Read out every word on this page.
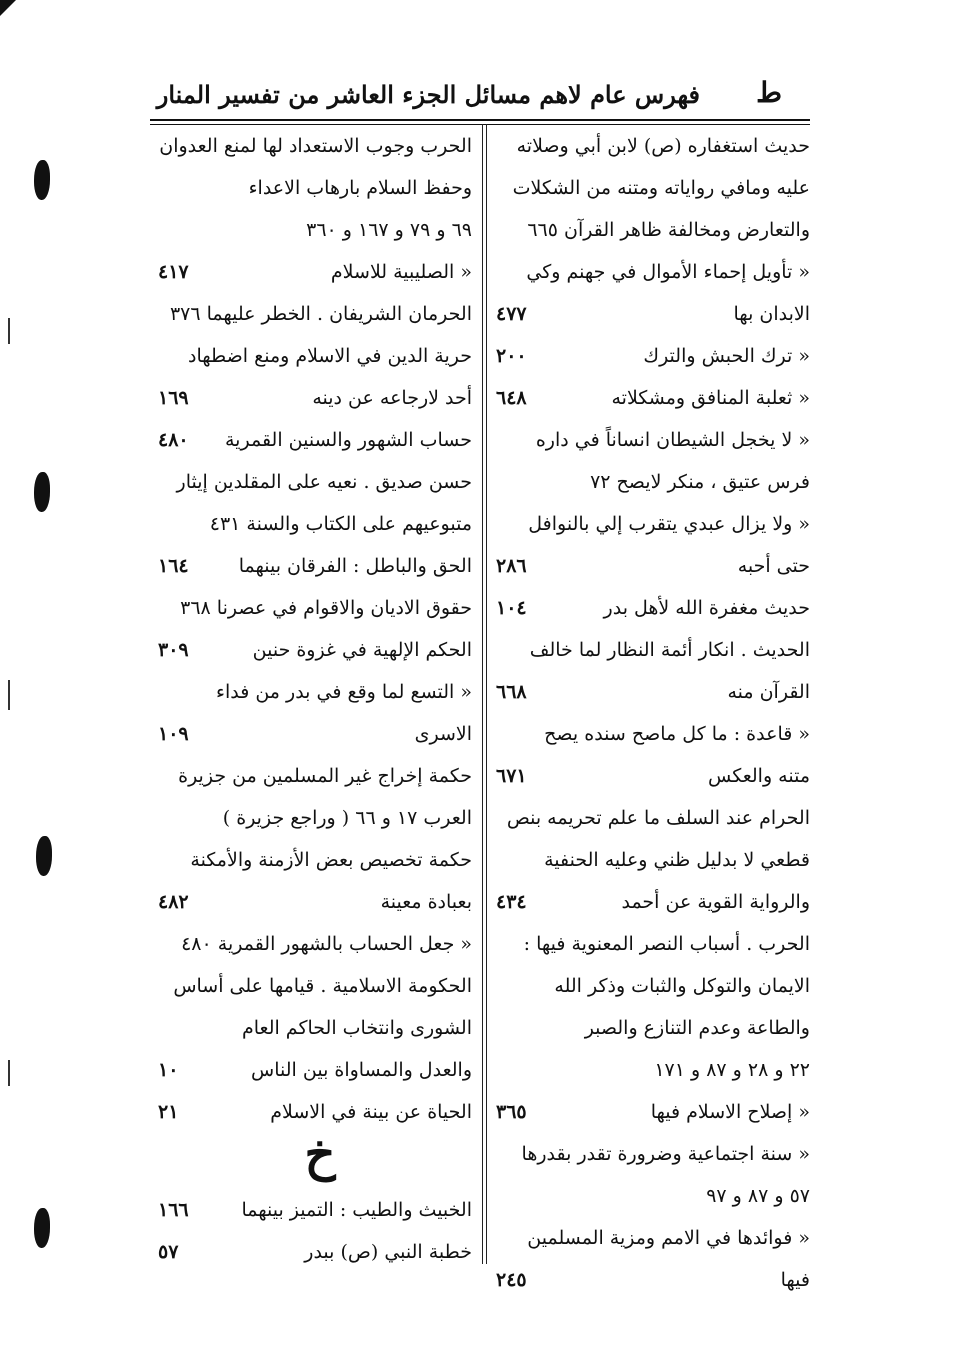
ط
فهرس عام لاهم مسائل الجزء العاشر من تفسير المنار
حديث استغفاره (ص) لابن أبي وصلاته
عليه ومافي رواياته ومتنه من الشكلات
والتعارض ومخالفة ظاهر القرآن ٦٦٥
« تأويل إحماء الأموال في جهنم وكي
الابدان بها
٤٧٧
« ترك الحبش والترك
٢٠٠
« ثعلبة المنافق ومشكلاته
٦٤٨
« لا يخجل الشيطان انساناً في داره
فرس عتيق ، منكر لايصح ٧٢
« ولا يزال عبدي يتقرب إلي بالنوافل
حتى أحبه
٢٨٦
حديث مغفرة الله لأهل بدر
١٠٤
الحديث . انكار أئمة النظار لما خالف
القرآن منه
٦٦٨
« قاعدة : ما كل ماصح سنده يصح
متنه والعكس
٦٧١
الحرام عند السلف ما علم تحريمه بنص
قطعي لا بدليل ظني وعليه الحنفية
والرواية القوية عن أحمد
٤٣٤
الحرب . أسباب النصر المعنوية فيها :
الايمان والتوكل والثبات وذكر الله
والطاعة وعدم التنازع والصبر
٢٢ و ٢٨ و ٨٧ و ١٧١
« إصلاح الاسلام فيها
٣٦٥
« سنة اجتماعية وضرورة تقدر بقدرها
٥٧ و ٨٧ و ٩٧
« فوائدها في الامم ومزية المسلمين
فيها
٢٤٥
الحرب وجوب الاستعداد لها لمنع العدوان
وحفظ السلام بارهاب الاعداء
٦٩ و ٧٩ و ١٦٧ و ٣٦٠
« الصليبية للاسلام
٤١٧
الحرمان الشريفان . الخطر عليهما ٣٧٦
حرية الدين في الاسلام ومنع اضطهاد
أحد لارجاعه عن دينه
١٦٩
حساب الشهور والسنين القمرية
٤٨٠
حسن صديق . نعيه على المقلدين إيثار
متبوعيهم على الكتاب والسنة ٤٣١
الحق والباطل : الفرقان بينهما
١٦٤
حقوق الاديان والاقوام في عصرنا ٣٦٨
الحكم الإلهية في غزوة حنين
٣٠٩
« التسع لما وقع في بدر من فداء
الاسرى
١٠٩
حكمة إخراج غير المسلمين من جزيرة
العرب ١٧ و ٦٦ ( وراجع جزيرة )
حكمة تخصيص بعض الأزمنة والأمكنة
بعبادة معينة
٤٨٢
« جعل الحساب بالشهور القمرية ٤٨٠
الحكومة الاسلامية . قيامها على أساس
الشورى وانتخاب الحاكم العام
والعدل والمساواة بين الناس
١٠
الحياة عن بينة في الاسلام
٢١
الخبيث والطيب : التميز بينهما
١٦٦
خطبة النبي (ص) ببدر
٥٧
خ
